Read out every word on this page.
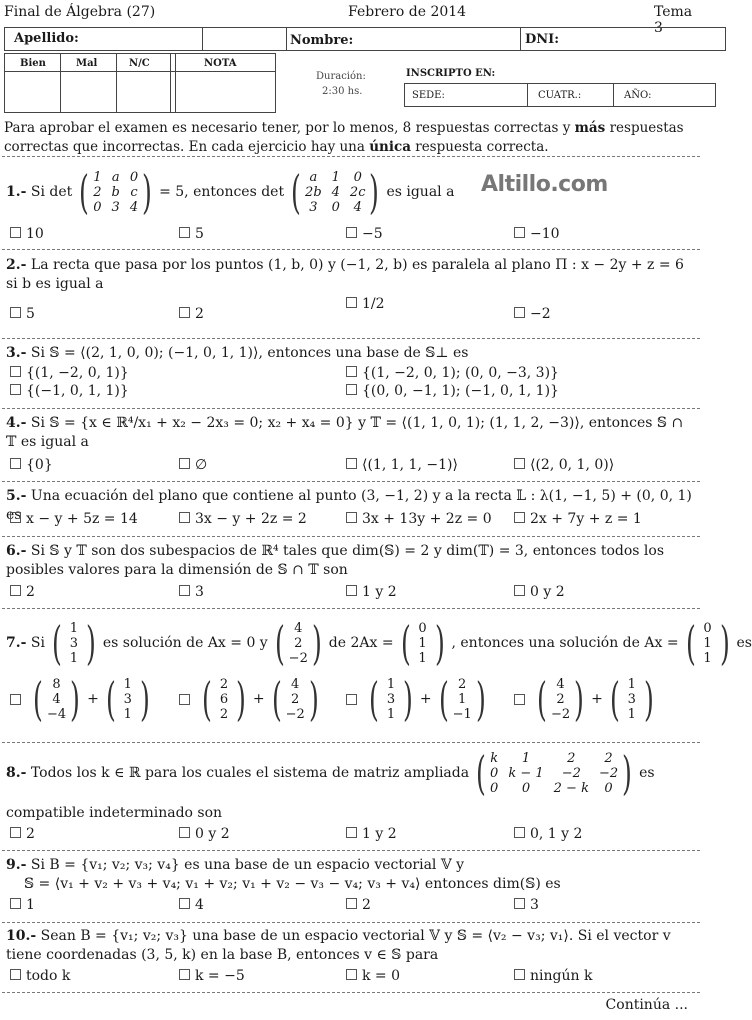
Final de Álgebra (27)	Febrero de 2014	Tema 3
Apellido:	Nombre:	DNI:
Bien	Mal	N/C	NOTA
Duración:
2:30 hs.
INSCRIPTO EN:
SEDE:	CUATR.:	AÑO:
Para aprobar el examen es necesario tener, por lo menos, 8 respuestas correctas y más respuestas correctas que incorrectas. En cada ejercicio hay una única respuesta correcta.
Altillo.com
1.-
Si det ( 1 a 0
2 b c
0 3 4 ) = 5, entonces det ( a	1 0
2b 4 2c
3	0 4 ) es igual a
10	5	−5	−10
2.- La recta que pasa por los puntos (1, b, 0) y (−1, 2, b) es paralela al plano Π : x − 2y + z = 6 si b es igual a
5	2
1/2
−2
3.- Si 𝕊 = ⟨(2, 1, 0, 0); (−1, 0, 1, 1)⟩, entonces una base de 𝕊⊥ es
{(1, −2, 0, 1)}	{(1, −2, 0, 1); (0, 0, −3, 3)}
{(−1, 0, 1, 1)}	{(0, 0, −1, 1); (−1, 0, 1, 1)}
4.- Si 𝕊 = {x ∈ ℝ⁴/x₁ + x₂ − 2x₃ = 0; x₂ + x₄ = 0} y 𝕋 = ⟨(1, 1, 0, 1); (1, 1, 2, −3)⟩, entonces 𝕊 ∩ 𝕋 es igual a
{0}	∅	⟨(1, 1, 1, −1)⟩	⟨(2, 0, 1, 0)⟩
5.- Una ecuación del plano que contiene al punto (3, −1, 2) y a la recta 𝕃 : λ(1, −1, 5) + (0, 0, 1) es x − y + 5z = 14	3x − y + 2z = 2	3x + 13y + 2z = 0	2x + 7y + z = 1
6.- Si 𝕊 y 𝕋 son dos subespacios de ℝ⁴ tales que dim(𝕊) = 2 y dim(𝕋) = 3, entonces todos los posibles valores para la dimensión de 𝕊 ∩ 𝕋 son
2	3	1 y 2	0 y 2
7.-
Si ( 1
3
1 ) es solución de Ax = 0 y ( 4
2
−2 ) de 2Ax = ( 0
1
1 ) , entonces una solución de Ax = ( 0
1
1 ) es
( 8
4
−4 ) + ( 1
3
1 ) ( 2
6
2 ) + ( 4
2
−2 ) ( 1
3
1 ) + ( 2
1
−1 ) ( 4
2
−2 ) + ( 1
3
1 )
8.-
Todos los k ∈ ℝ para los cuales el sistema de matriz ampliada ( k	1	2	2
0 k − 1	−2	−2
0	0	2 − k	0 ) es
compatible indeterminado son
2	0 y 2	1 y 2	0, 1 y 2
9.- Si B = {v₁; v₂; v₃; v₄} es una base de un espacio vectorial 𝕍 y
𝕊 = ⟨v₁ + v₂ + v₃ + v₄; v₁ + v₂; v₁ + v₂ − v₃ − v₄; v₃ + v₄⟩ entonces dim(𝕊) es
1	4	2	3
10.- Sean B = {v₁; v₂; v₃} una base de un espacio vectorial 𝕍 y 𝕊 = ⟨v₂ − v₃; v₁⟩. Si el vector v tiene coordenadas (3, 5, k) en la base B, entonces v ∈ 𝕊 para
todo k	k = −5	k = 0	ningún k
Continúa ...
